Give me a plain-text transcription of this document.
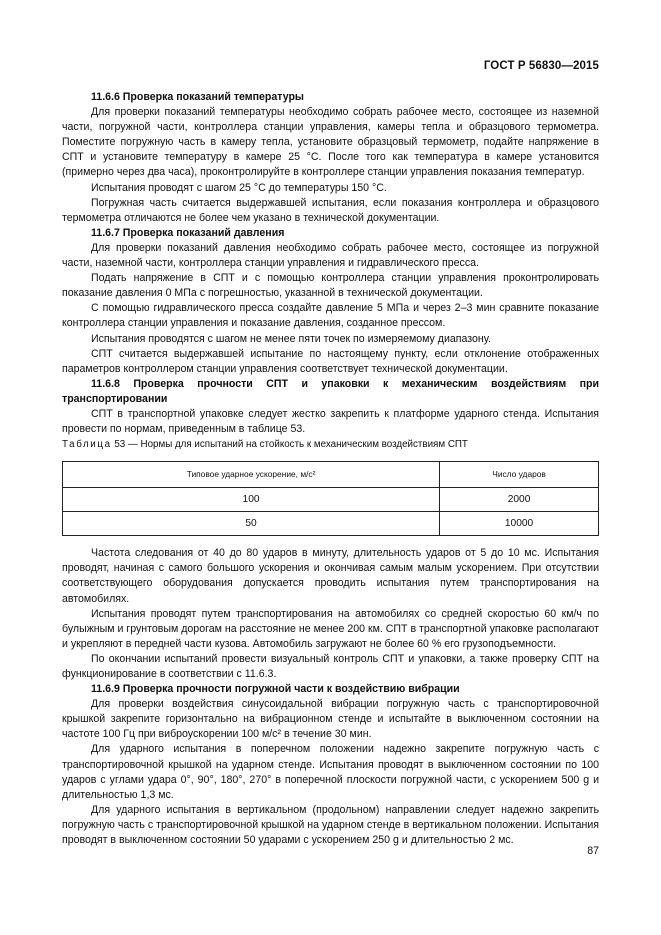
ГОСТ Р 56830—2015

11.6.6 Проверка показаний температуры

Для проверки показаний температуры необходимо собрать рабочее место, состоящее из наземной части, погружной части, контроллера станции управления, камеры тепла и образцового термометра. Поместите погружную часть в камеру тепла, установите образцовый термометр, подайте напряжение в СПТ и установите температуру в камере 25 °С. После того как температура в камере установится (примерно через два часа), проконтролируйте в контроллере станции управления показания температур.

Испытания проводят с шагом 25 °С до температуры 150 °С.

Погружная часть считается выдержавшей испытания, если показания контроллера и образцового термометра отличаются не более чем указано в технической документации.

11.6.7 Проверка показаний давления

Для проверки показаний давления необходимо собрать рабочее место, состоящее из погружной части, наземной части, контроллера станции управления и гидравлического пресса.

Подать напряжение в СПТ и с помощью контроллера станции управления проконтролировать показание давления 0 МПа с погрешностью, указанной в технической документации.

С помощью гидравлического пресса создайте давление 5 МПа и через 2–3 мин сравните показание контроллера станции управления и показание давления, созданное прессом.

Испытания проводятся с шагом не менее пяти точек по измеряемому диапазону.

СПТ считается выдержавшей испытание по настоящему пункту, если отклонение отображенных параметров контроллером станции управления соответствует технической документации.

11.6.8 Проверка прочности СПТ и упаковки к механическим воздействиям при транспортировании

СПТ в транспортной упаковке следует жестко закрепить к платформе ударного стенда. Испытания провести по нормам, приведенным в таблице 53.

Таблица 53 — Нормы для испытаний на стойкость к механическим воздействиям СПТ

Типовое ударное ускорение, м/с²	Число ударов
100	2000
50	10000

Частота следования от 40 до 80 ударов в минуту, длительность ударов от 5 до 10 мс. Испытания проводят, начиная с самого большого ускорения и окончивая самым малым ускорением. При отсутствии соответствующего оборудования допускается проводить испытания путем транспортирования на автомобилях.

Испытания проводят путем транспортирования на автомобилях со средней скоростью 60 км/ч по булыжным и грунтовым дорогам на расстояние не менее 200 км. СПТ в транспортной упаковке располагают и укрепляют в передней части кузова. Автомобиль загружают не более 60 % его грузоподъемности.

По окончании испытаний провести визуальный контроль СПТ и упаковки, а также проверку СПТ на функционирование в соответствии с 11.6.3.

11.6.9 Проверка прочности погружной части к воздействию вибрации

Для проверки воздействия синусоидальной вибрации погружную часть с транспортировочной крышкой закрепите горизонтально на вибрационном стенде и испытайте в выключенном состоянии на частоте 100 Гц при виброускорении 100 м/с² в течение 30 мин.

Для ударного испытания в поперечном положении надежно закрепите погружную часть с транспортировочной крышкой на ударном стенде. Испытания проводят в выключенном состоянии по 100 ударов с углами удара 0°, 90°, 180°, 270° в поперечной плоскости погружной части, с ускорением 500 g и длительностью 1,3 мс.

Для ударного испытания в вертикальном (продольном) направлении следует надежно закрепить погружную часть с транспортировочной крышкой на ударном стенде в вертикальном положении. Испытания проводят в выключенном состоянии 50 ударами с ускорением 250 g и длительностью 2 мс.

87
